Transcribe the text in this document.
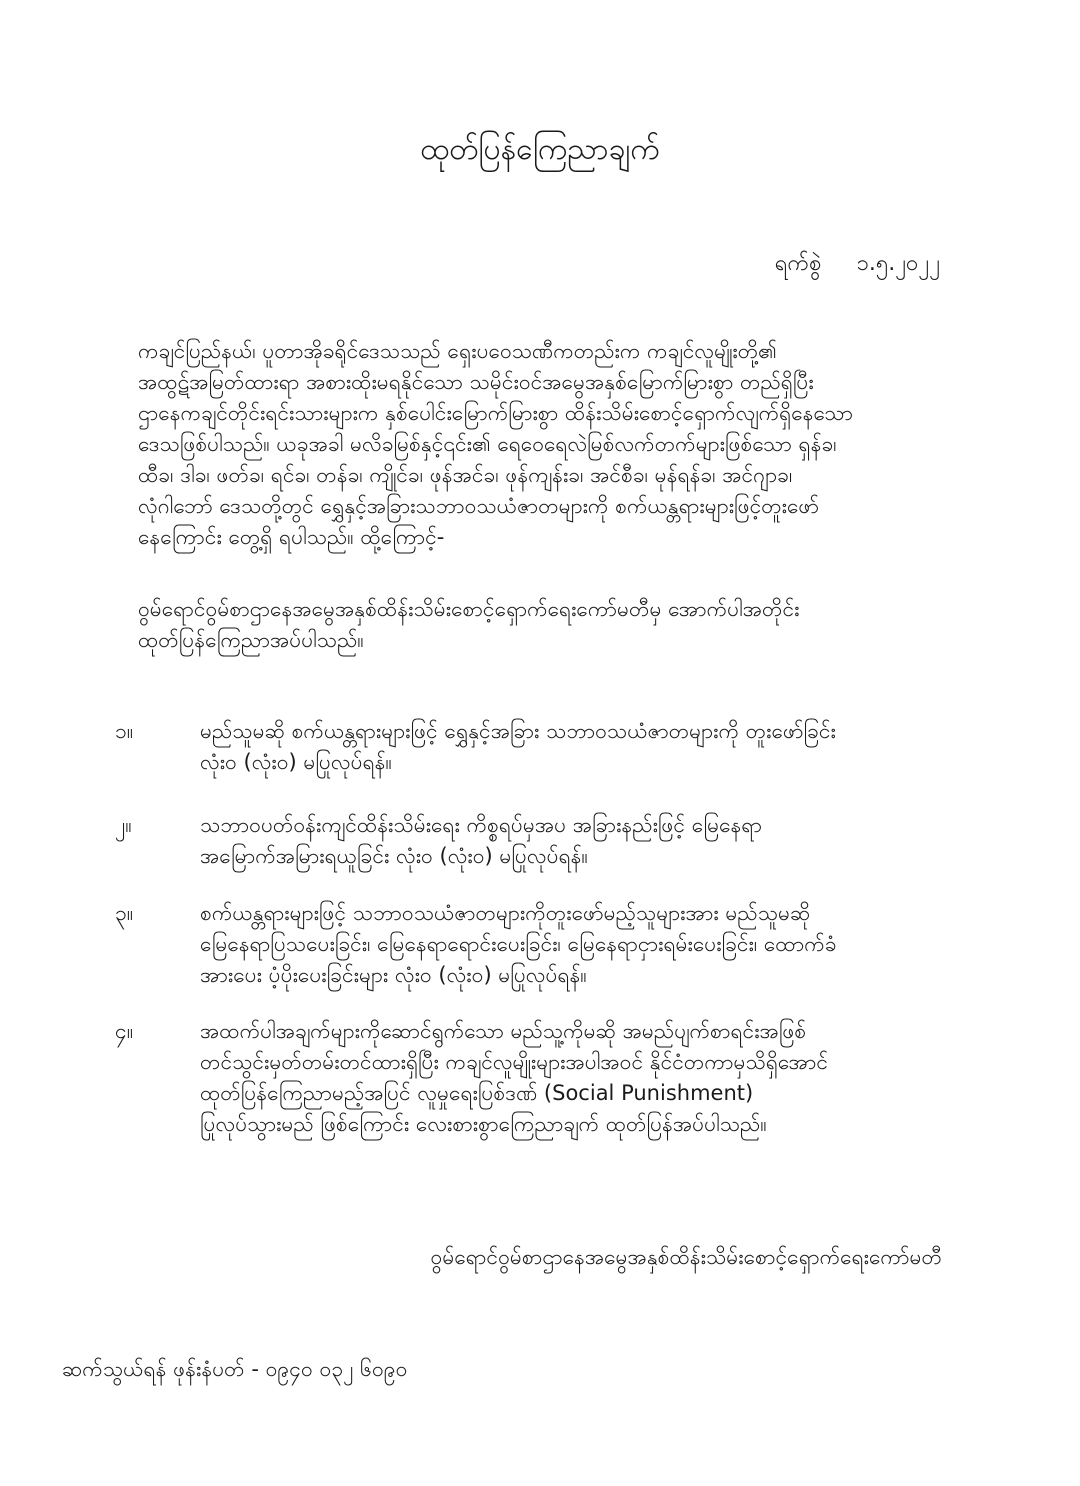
ထုတ်ပြန်ကြေညာချက်
ရက်စွဲ ၁.၅.၂၀၂၂

ကချင်ပြည်နယ်၊ ပူတာအိုခရိုင်ဒေသသည် ရှေးပဝေသဏီကတည်းက ကချင်လူမျိုးတို့၏
အထွဋ်အမြတ်ထားရာ အစားထိုးမရနိုင်သော သမိုင်းဝင်အမွေအနှစ်မြောက်မြားစွာ တည်ရှိပြီး
ဌာနေကချင်တိုင်းရင်းသားများက နှစ်ပေါင်းမြောက်မြားစွာ ထိန်းသိမ်းစောင့်ရှောက်လျက်ရှိနေသော
ဒေသဖြစ်ပါသည်။ ယခုအခါ မလိခမြစ်နှင့်၎င်း၏ ရေဝေရေလဲမြစ်လက်တက်များဖြစ်သော ရှန်ခ၊
ထီခ၊ ဒါခ၊ ဖတ်ခ၊ ရင်ခ၊ တန်ခ၊ ကျိုင်ခ၊ ဖုန်အင်ခ၊ ဖုန်ကျန်းခ၊ အင်စီခ၊ မုန်ရန်ခ၊ အင်ဂျာခ၊
လုံဂါဘော် ဒေသတို့တွင် ရွှေနှင့်အခြားသဘာဝသယံဇာတများကို စက်ယန္တရားများဖြင့်တူးဖော်
နေကြောင်း တွေ့ရှိ ရပါသည်။ ထို့ကြောင့်-

ဝွမ်ရောင်ဝွမ်စာဌာနေအမွေအနှစ်ထိန်းသိမ်းစောင့်ရှောက်ရေးကော်မတီမှ အောက်ပါအတိုင်း
ထုတ်ပြန်ကြေညာအပ်ပါသည်။

၁။	မည်သူမဆို စက်ယန္တရားများဖြင့် ရွှေနှင့်အခြား သဘာဝသယံဇာတများကို တူးဖော်ခြင်း
လုံး၀ (လုံး၀) မပြုလုပ်ရန်။
၂။	သဘာဝပတ်ဝန်းကျင်ထိန်းသိမ်းရေး ကိစ္စရပ်မှအပ အခြားနည်းဖြင့် မြေနေရာ
အမြောက်အမြားရယူခြင်း လုံး၀ (လုံး၀) မပြုလုပ်ရန်။
၃။	စက်ယန္တရားများဖြင့် သဘာဝသယံဇာတများကိုတူးဖော်မည့်သူများအား မည်သူမဆို
မြေနေရာပြသပေးခြင်း၊ မြေနေရာရောင်းပေးခြင်း၊ မြေနေရာငှားရမ်းပေးခြင်း၊ ထောက်ခံ
အားပေး ပံ့ပိုးပေးခြင်းများ လုံး၀ (လုံး၀) မပြုလုပ်ရန်။
၄။	အထက်ပါအချက်များကိုဆောင်ရွက်သော မည်သူ့ကိုမဆို အမည်ပျက်စာရင်းအဖြစ်
တင်သွင်းမှတ်တမ်းတင်ထားရှိပြီး ကချင်လူမျိုးများအပါအဝင် နိုင်ငံတကာမှသိရှိအောင်
ထုတ်ပြန်ကြေညာမည့်အပြင် လူမှုရေးပြစ်ဒဏ် (Social Punishment)
ပြုလုပ်သွားမည် ဖြစ်ကြောင်း လေးစားစွာကြေညာချက် ထုတ်ပြန်အပ်ပါသည်။
ဝွမ်ရောင်ဝွမ်စာဌာနေအမွေအနှစ်ထိန်းသိမ်းစောင့်ရှောက်ရေးကော်မတီ
ဆက်သွယ်ရန် ဖုန်းနံပတ် - ၀၉၄၀ ၀၃၂ ၆၀၉၀
